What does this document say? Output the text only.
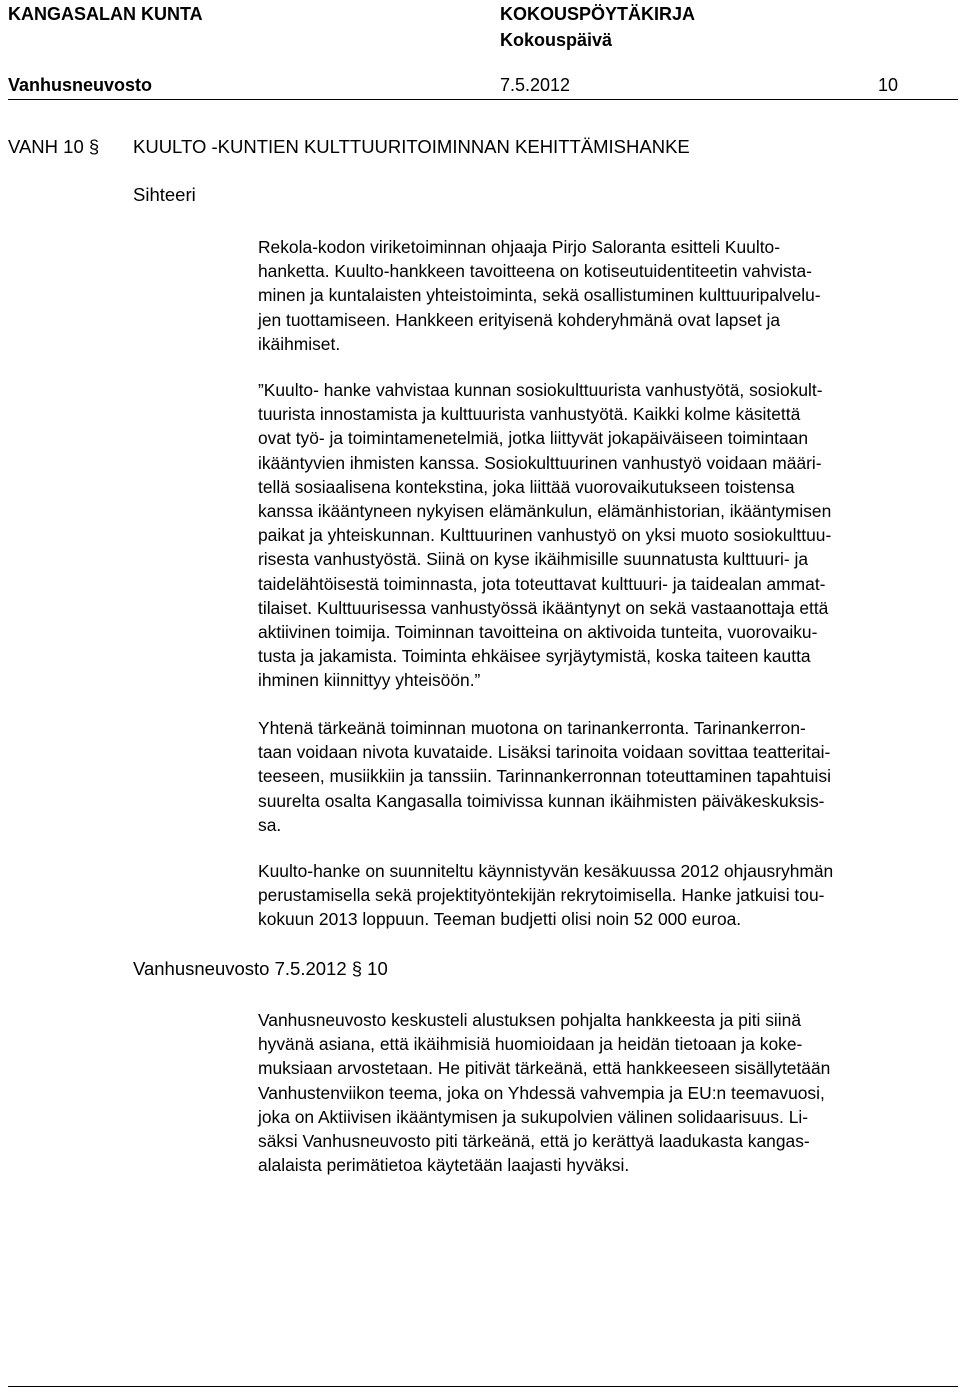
KANGASALAN KUNTA	KOKOUSPÖYTÄKIRJA
Kokouspäivä
Vanhusneuvosto	7.5.2012	10
VANH 10 § KUULTO -KUNTIEN KULTTUURITOIMINNAN KEHITTÄMISHANKE
Sihteeri
Rekola-kodon viriketoiminnan ohjaaja Pirjo Saloranta esitteli Kuulto-
hanketta. Kuulto-hankkeen tavoitteena on kotiseutuidentiteetin vahvista-
minen ja kuntalaisten yhteistoiminta, sekä osallistuminen kulttuuripalvelu-
jen tuottamiseen. Hankkeen erityisenä kohderyhmänä ovat lapset ja
ikäihmiset.
”Kuulto- hanke vahvistaa kunnan sosiokulttuurista vanhustyötä, sosiokult-
tuurista innostamista ja kulttuurista vanhustyötä. Kaikki kolme käsitettä
ovat työ- ja toimintamenetelmiä, jotka liittyvät jokapäiväiseen toimintaan
ikääntyvien ihmisten kanssa. Sosiokulttuurinen vanhustyö voidaan määri-
tellä sosiaalisena kontekstina, joka liittää vuorovaikutukseen toistensa
kanssa ikääntyneen nykyisen elämänkulun, elämänhistorian, ikääntymisen
paikat ja yhteiskunnan. Kulttuurinen vanhustyö on yksi muoto sosiokulttuu-
risesta vanhustyöstä. Siinä on kyse ikäihmisille suunnatusta kulttuuri- ja
taidelähtöisestä toiminnasta, jota toteuttavat kulttuuri- ja taidealan ammat-
tilaiset. Kulttuurisessa vanhustyössä ikääntynyt on sekä vastaanottaja että
aktiivinen toimija. Toiminnan tavoitteina on aktivoida tunteita, vuorovaiku-
tusta ja jakamista. Toiminta ehkäisee syrjäytymistä, koska taiteen kautta
ihminen kiinnittyy yhteisöön.”
Yhtenä tärkeänä toiminnan muotona on tarinankerronta. Tarinankerron-
taan voidaan nivota kuvataide. Lisäksi tarinoita voidaan sovittaa teatteritai-
teeseen, musiikkiin ja tanssiin. Tarinnankerronnan toteuttaminen tapahtuisi
suurelta osalta Kangasalla toimivissa kunnan ikäihmisten päiväkeskuksis-
sa.
Kuulto-hanke on suunniteltu käynnistyvän kesäkuussa 2012 ohjausryhmän
perustamisella sekä projektityöntekijän rekrytoimisella. Hanke jatkuisi tou-
kokuun 2013 loppuun. Teeman budjetti olisi noin 52 000 euroa.
Vanhusneuvosto 7.5.2012 § 10
Vanhusneuvosto keskusteli alustuksen pohjalta hankkeesta ja piti siinä
hyvänä asiana, että ikäihmisiä huomioidaan ja heidän tietoaan ja koke-
muksiaan arvostetaan. He pitivät tärkeänä, että hankkeeseen sisällytetään
Vanhustenviikon teema, joka on Yhdessä vahvempia ja EU:n teemavuosi,
joka on Aktiivisen ikääntymisen ja sukupolvien välinen solidaarisuus. Li-
säksi Vanhusneuvosto piti tärkeänä, että jo kerättyä laadukasta kangas-
alalaista perimätietoa käytetään laajasti hyväksi.
